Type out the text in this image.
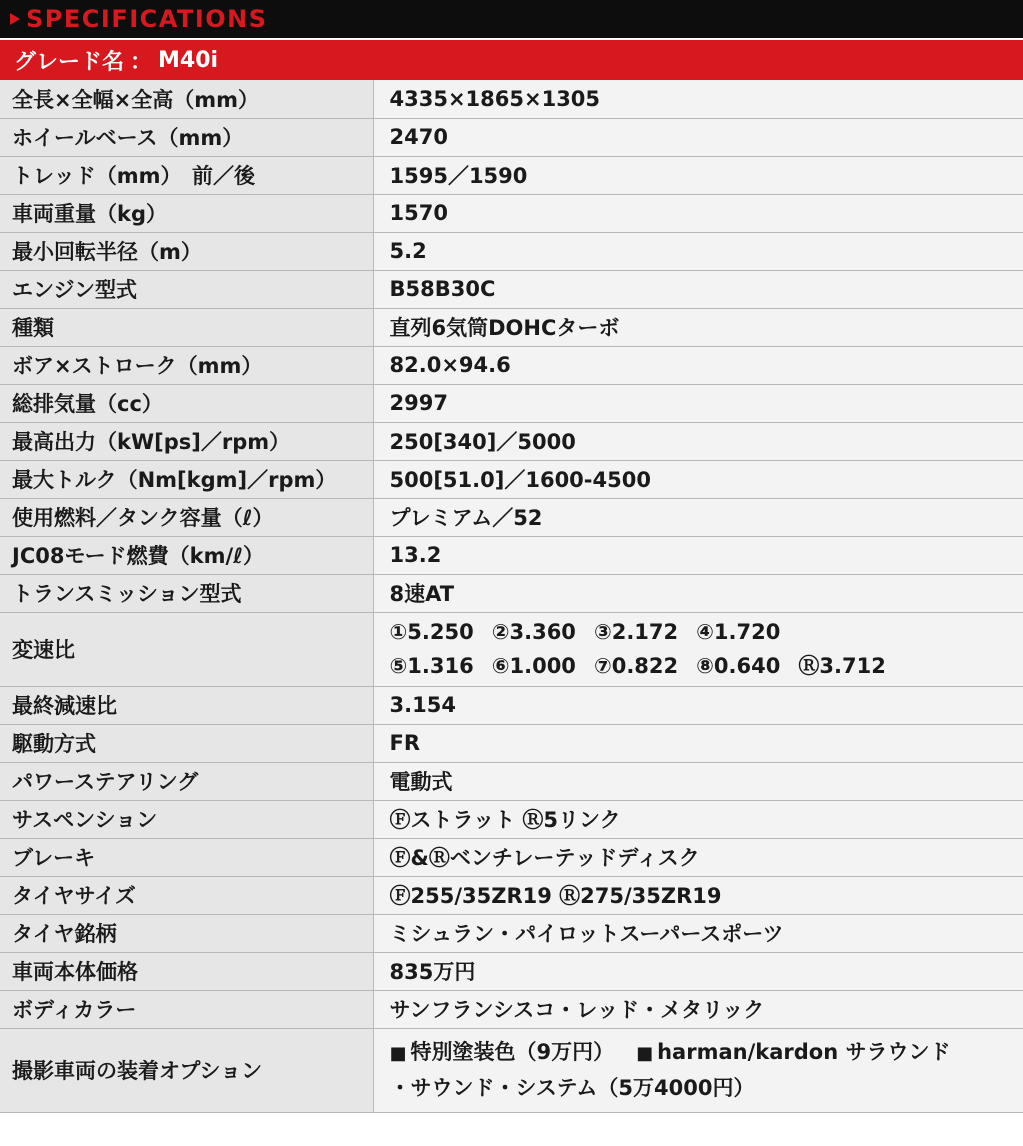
SPECIFICATIONS
グレード名 ： M40i
全長×全幅×全高（mm）	4335×1865×1305
ホイールベース（mm）	2470
トレッド（mm）　前／後	1595／1590
車両重量（kg）	1570
最小回転半径（m）	5.2
エンジン型式	B58B30C
種類	直列6気筒DOHCターボ
ボア×ストローク（mm）	82.0×94.6
総排気量（cc）	2997
最高出力（kW[ps]／rpm）	250[340]／5000
最大トルク（Nm[kgm]／rpm）	500[51.0]／1600-4500
使用燃料／タンク容量（ℓ）	プレミアム／52
JC08モード燃費（km/ℓ）	13.2
トランスミッション型式	8速AT
変速比	①5.250 ②3.360 ③2.172 ④1.720
⑤1.316 ⑥1.000 ⑦0.822 ⑧0.640 Ⓡ3.712

最終減速比	3.154
駆動方式	FR
パワーステアリング	電動式
サスペンション	Ⓕストラット Ⓡ5リンク
ブレーキ	Ⓕ&Ⓡベンチレーテッドディスク
タイヤサイズ	Ⓕ255/35ZR19 Ⓡ275/35ZR19
タイヤ銘柄	ミシュラン・パイロットスーパースポーツ
車両本体価格	835万円
ボディカラー	サンフランシスコ・レッド・メタリック
撮影車両の装着オプション	■ 特別塗装色（9万円） ■ harman/kardon サラウンド
・サウンド・システム（5万4000円）
